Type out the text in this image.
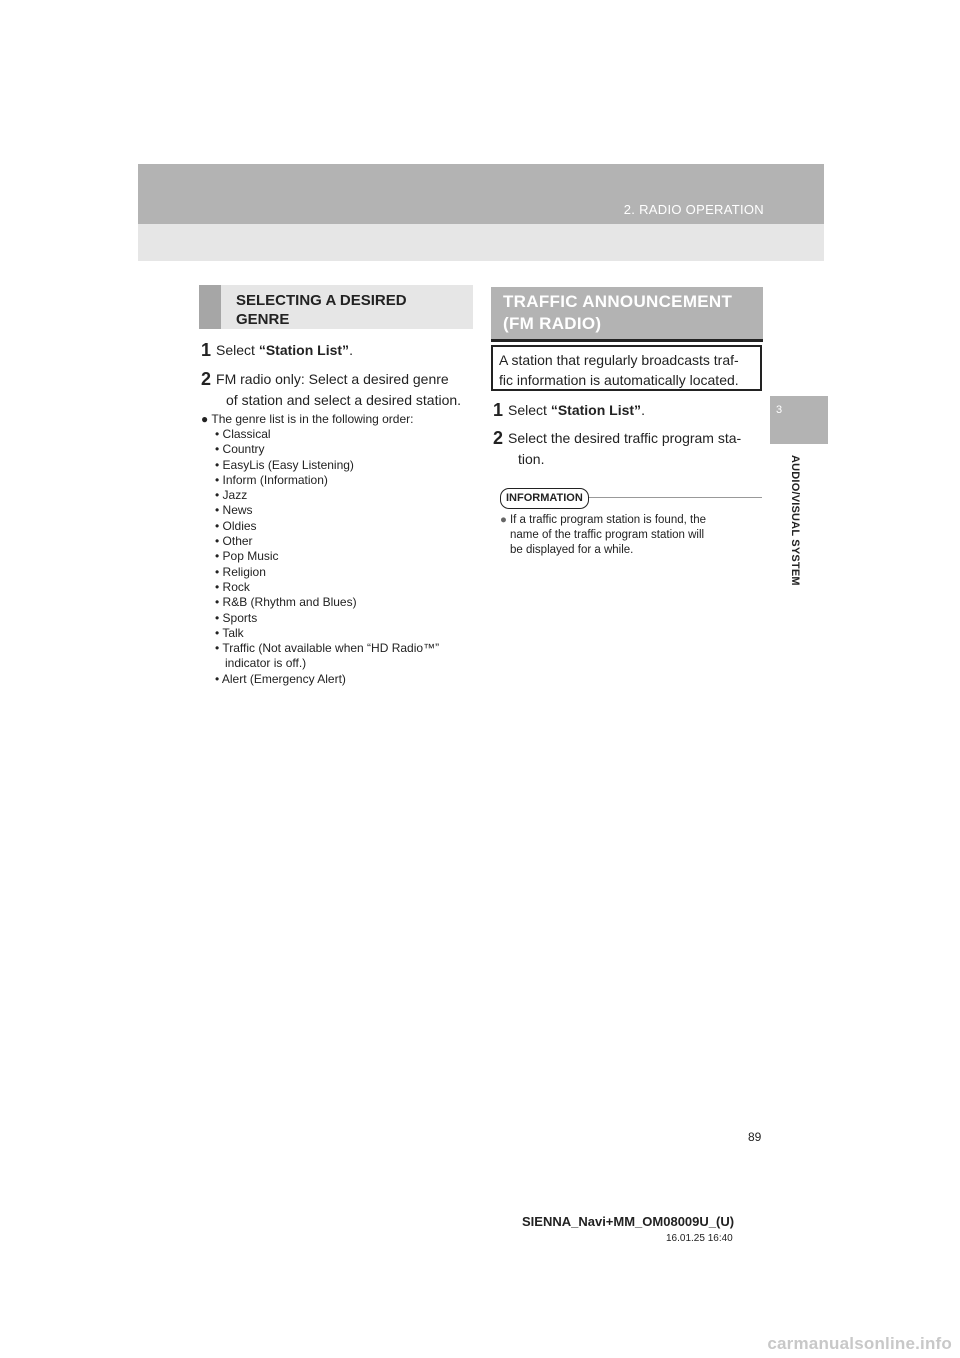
2. RADIO OPERATION
3
AUDIO/VISUAL SYSTEM
SELECTING A DESIRED
GENRE
1 Select “Station List”.
2 FM radio only: Select a desired genre
of station and select a desired station.
● The genre list is in the following order:
• Classical
• Country
• EasyLis (Easy Listening)
• Inform (Information)
• Jazz
• News
• Oldies
• Other
• Pop Music
• Religion
• Rock
• R&B (Rhythm and Blues)
• Sports
• Talk
• Traffic (Not available when “HD Radio™”
indicator is off.)
• Alert (Emergency Alert)
TRAFFIC ANNOUNCEMENT
(FM RADIO)
A station that regularly broadcasts traf-
fic information is automatically located.
1 Select “Station List”.
2 Select the desired traffic program sta-
tion.
INFORMATION
● If a traffic program station is found, the
name of the traffic program station will
be displayed for a while.
89
SIENNA_Navi+MM_OM08009U_(U)
16.01.25 16:40
carmanualsonline.info
